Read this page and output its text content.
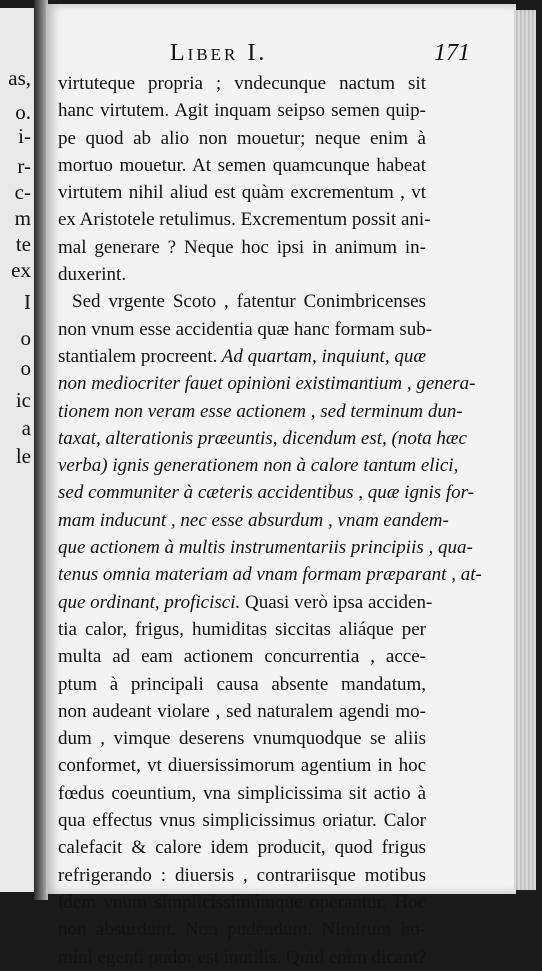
as,
o.
i-
r-
c-
m
te
ex
I
o
o
ic
a
le
Liber I.	171
virtuteque propria ; vndecunque nactum sit
hanc virtutem. Agit inquam seipso semen quip-
pe quod ab alio non mouetur; neque enim à
mortuo mouetur. At semen quamcunque habeat
virtutem nihil aliud est quàm excrementum , vt
ex Aristotele retulimus. Excrementum possit ani-
mal generare ? Neque hoc ipsi in animum in-
duxerint.
Sed vrgente Scoto , fatentur Conimbricenses
non vnum esse accidentia quæ hanc formam sub-
stantialem procreent. Ad quartam, inquiunt, quæ
non mediocriter fauet opinioni existimantium , genera-
tionem non veram esse actionem , sed terminum dun-
taxat, alterationis præeuntis, dicendum est, (nota hæc
verba) ignis generationem non à calore tantum elici,
sed communiter à cæteris accidentibus , quæ ignis for-
mam inducunt , nec esse absurdum , vnam eandem-
que actionem à multis instrumentariis principiis , qua-
tenus omnia materiam ad vnam formam præparant , at-
que ordinant, proficisci. Quasi verò ipsa acciden-
tia calor, frigus, humiditas siccitas aliáque per
multa ad eam actionem concurrentia , acce-
ptum à principali causa absente mandatum,
non audeant violare , sed naturalem agendi mo-
dum , vimque deserens vnumquodque se aliis
conformet, vt diuersissimorum agentium in hoc
fœdus coeuntium, vna simplicissima sit actio à
qua effectus vnus simplicissimus oriatur. Calor
calefacit & calore idem producit, quod frigus
refrigerando : diuersis , contrariisque motibus
idem vnum simplicissimúmque operantur. Hoc
non absurdum. Non pudendum. Nimirum ho-
mini egenti pudor est inutilis. Quid enim dicant?
